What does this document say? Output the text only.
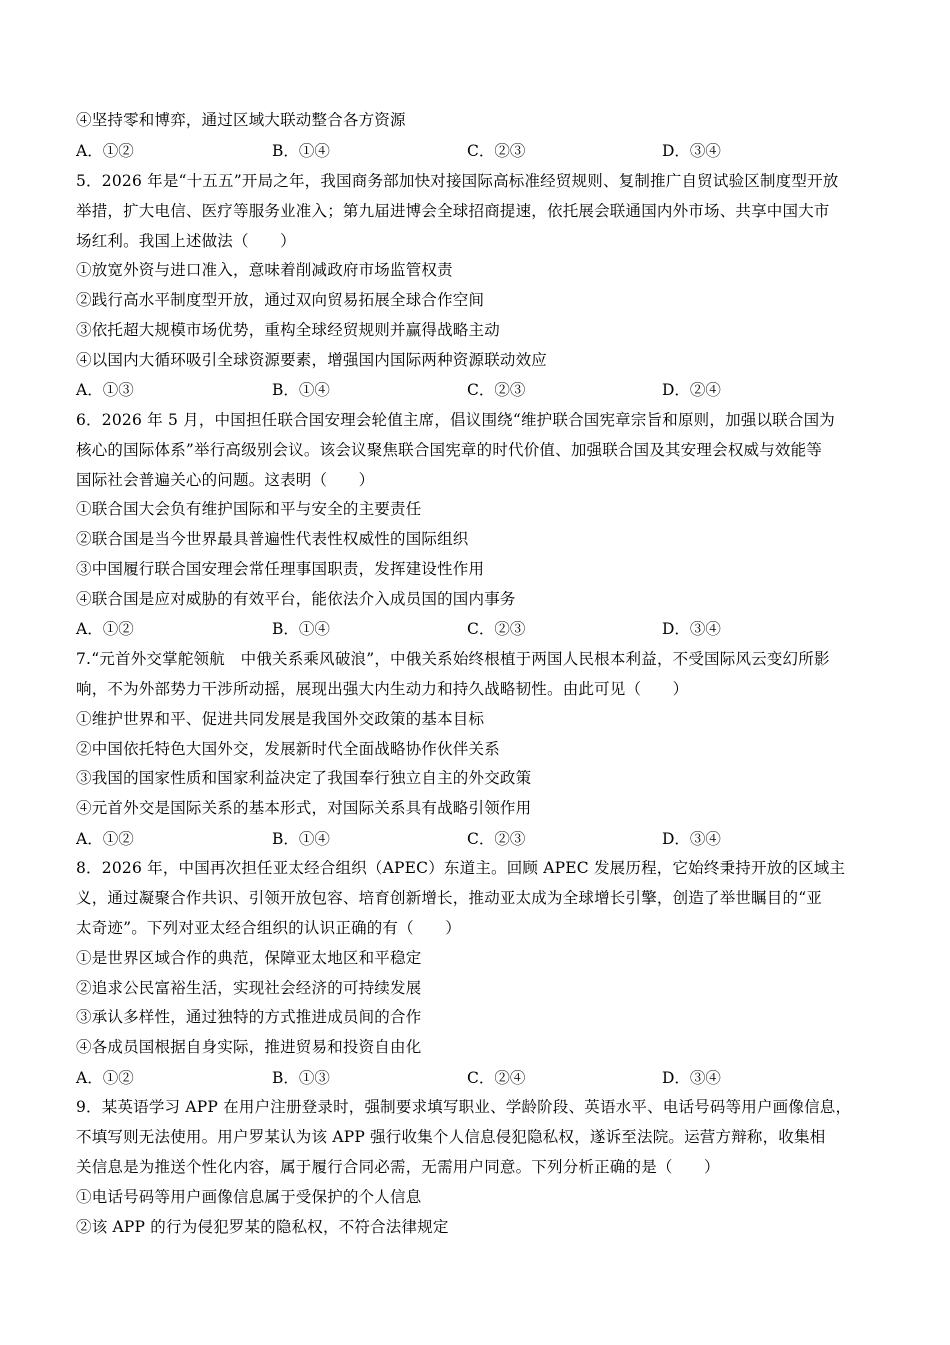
④坚持零和博弈，通过区域大联动整合各方资源
A．①②	B．①④	C．②③	D．③④
5．2026 年是“十五五”开局之年，我国商务部加快对接国际高标准经贸规则、复制推广自贸试验区制度型开放
举措，扩大电信、医疗等服务业准入；第九届进博会全球招商提速，依托展会联通国内外市场、共享中国大市
场红利。我国上述做法（　　）
①放宽外资与进口准入，意味着削减政府市场监管权责
②践行高水平制度型开放，通过双向贸易拓展全球合作空间
③依托超大规模市场优势，重构全球经贸规则并赢得战略主动
④以国内大循环吸引全球资源要素，增强国内国际两种资源联动效应
A．①③	B．①④	C．②③	D．②④
6．2026 年 5 月，中国担任联合国安理会轮值主席，倡议围绕“维护联合国宪章宗旨和原则，加强以联合国为
核心的国际体系”举行高级别会议。该会议聚焦联合国宪章的时代价值、加强联合国及其安理会权威与效能等
国际社会普遍关心的问题。这表明（　　）
①联合国大会负有维护国际和平与安全的主要责任
②联合国是当今世界最具普遍性代表性权威性的国际组织
③中国履行联合国安理会常任理事国职责，发挥建设性作用
④联合国是应对威胁的有效平台，能依法介入成员国的国内事务
A．①②	B．①④	C．②③	D．③④
7.“元首外交掌舵领航　中俄关系乘风破浪”，中俄关系始终根植于两国人民根本利益，不受国际风云变幻所影
响，不为外部势力干涉所动摇，展现出强大内生动力和持久战略韧性。由此可见（　　）
①维护世界和平、促进共同发展是我国外交政策的基本目标
②中国依托特色大国外交，发展新时代全面战略协作伙伴关系
③我国的国家性质和国家利益决定了我国奉行独立自主的外交政策
④元首外交是国际关系的基本形式，对国际关系具有战略引领作用
A．①②	B．①④	C．②③	D．③④
8．2026 年，中国再次担任亚太经合组织（APEC）东道主。回顾 APEC 发展历程，它始终秉持开放的区域主
义，通过凝聚合作共识、引领开放包容、培育创新增长，推动亚太成为全球增长引擎，创造了举世瞩目的“亚
太奇迹”。下列对亚太经合组织的认识正确的有（　　）
①是世界区域合作的典范，保障亚太地区和平稳定
②追求公民富裕生活，实现社会经济的可持续发展
③承认多样性，通过独特的方式推进成员间的合作
④各成员国根据自身实际，推进贸易和投资自由化
A．①②	B．①③	C．②④	D．③④
9．某英语学习 APP 在用户注册登录时，强制要求填写职业、学龄阶段、英语水平、电话号码等用户画像信息，
不填写则无法使用。用户罗某认为该 APP 强行收集个人信息侵犯隐私权，遂诉至法院。运营方辩称，收集相
关信息是为推送个性化内容，属于履行合同必需，无需用户同意。下列分析正确的是（　　）
①电话号码等用户画像信息属于受保护的个人信息
②该 APP 的行为侵犯罗某的隐私权，不符合法律规定
